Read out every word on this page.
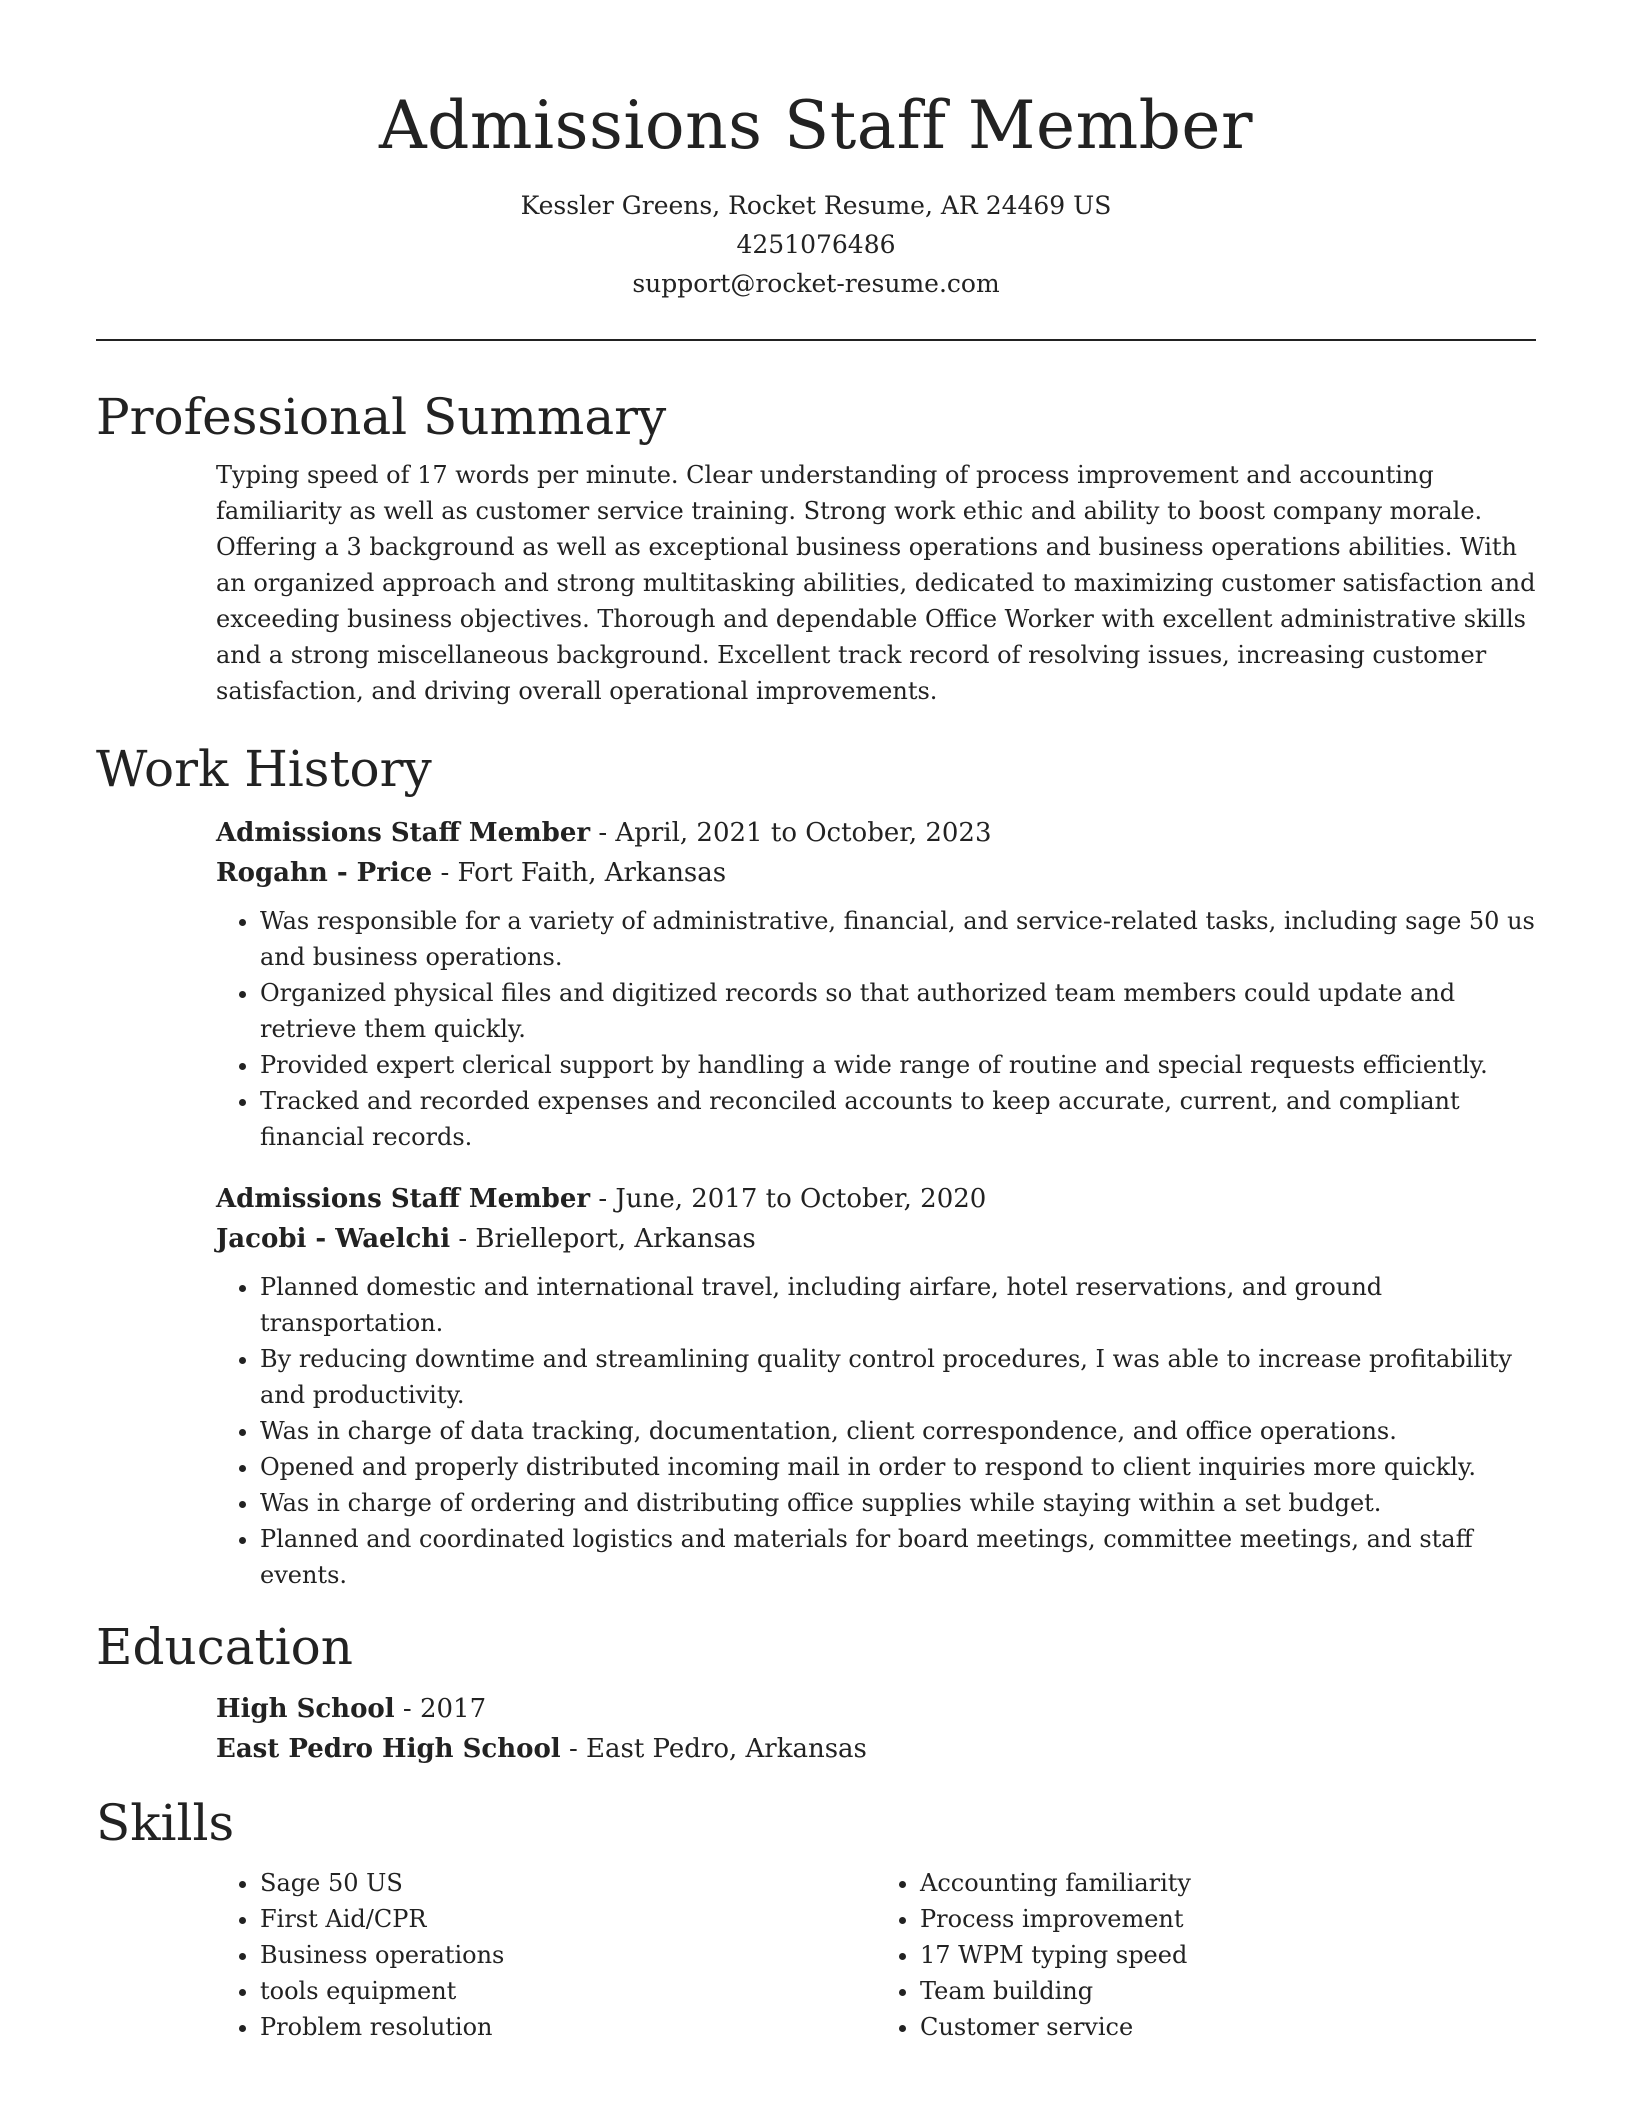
Admissions Staff Member
Kessler Greens, Rocket Resume, AR 24469 US
4251076486
support@rocket-resume.com
Professional Summary

Typing speed of 17 words per minute. Clear understanding of process improvement and accounting familiarity as well as customer service training. Strong work ethic and ability to boost company morale. Offering a 3 background as well as exceptional business operations and business operations abilities. With an organized approach and strong multitasking abilities, dedicated to maximizing customer satisfaction and exceeding business objectives. Thorough and dependable Office Worker with excellent administrative skills and a strong miscellaneous background. Excellent track record of resolving issues, increasing customer satisfaction, and driving overall operational improvements.

Work History
Admissions Staff Member - April, 2021 to October, 2023
Rogahn - Price - Fort Faith, Arkansas
• Was responsible for a variety of administrative, financial, and service-related tasks, including sage 50 us and business operations.
• Organized physical files and digitized records so that authorized team members could update and retrieve them quickly.
• Provided expert clerical support by handling a wide range of routine and special requests efficiently.
• Tracked and recorded expenses and reconciled accounts to keep accurate, current, and compliant financial records.
Admissions Staff Member - June, 2017 to October, 2020
Jacobi - Waelchi - Brielleport, Arkansas
• Planned domestic and international travel, including airfare, hotel reservations, and ground transportation.
• By reducing downtime and streamlining quality control procedures, I was able to increase profitability and productivity.
• Was in charge of data tracking, documentation, client correspondence, and office operations.
• Opened and properly distributed incoming mail in order to respond to client inquiries more quickly.
• Was in charge of ordering and distributing office supplies while staying within a set budget.
• Planned and coordinated logistics and materials for board meetings, committee meetings, and staff events.
Education
High School - 2017
East Pedro High School - East Pedro, Arkansas
Skills
• Sage 50 US
• First Aid/CPR
• Business operations
• tools equipment
• Problem resolution
• Accounting familiarity
• Process improvement
• 17 WPM typing speed
• Team building
• Customer service
